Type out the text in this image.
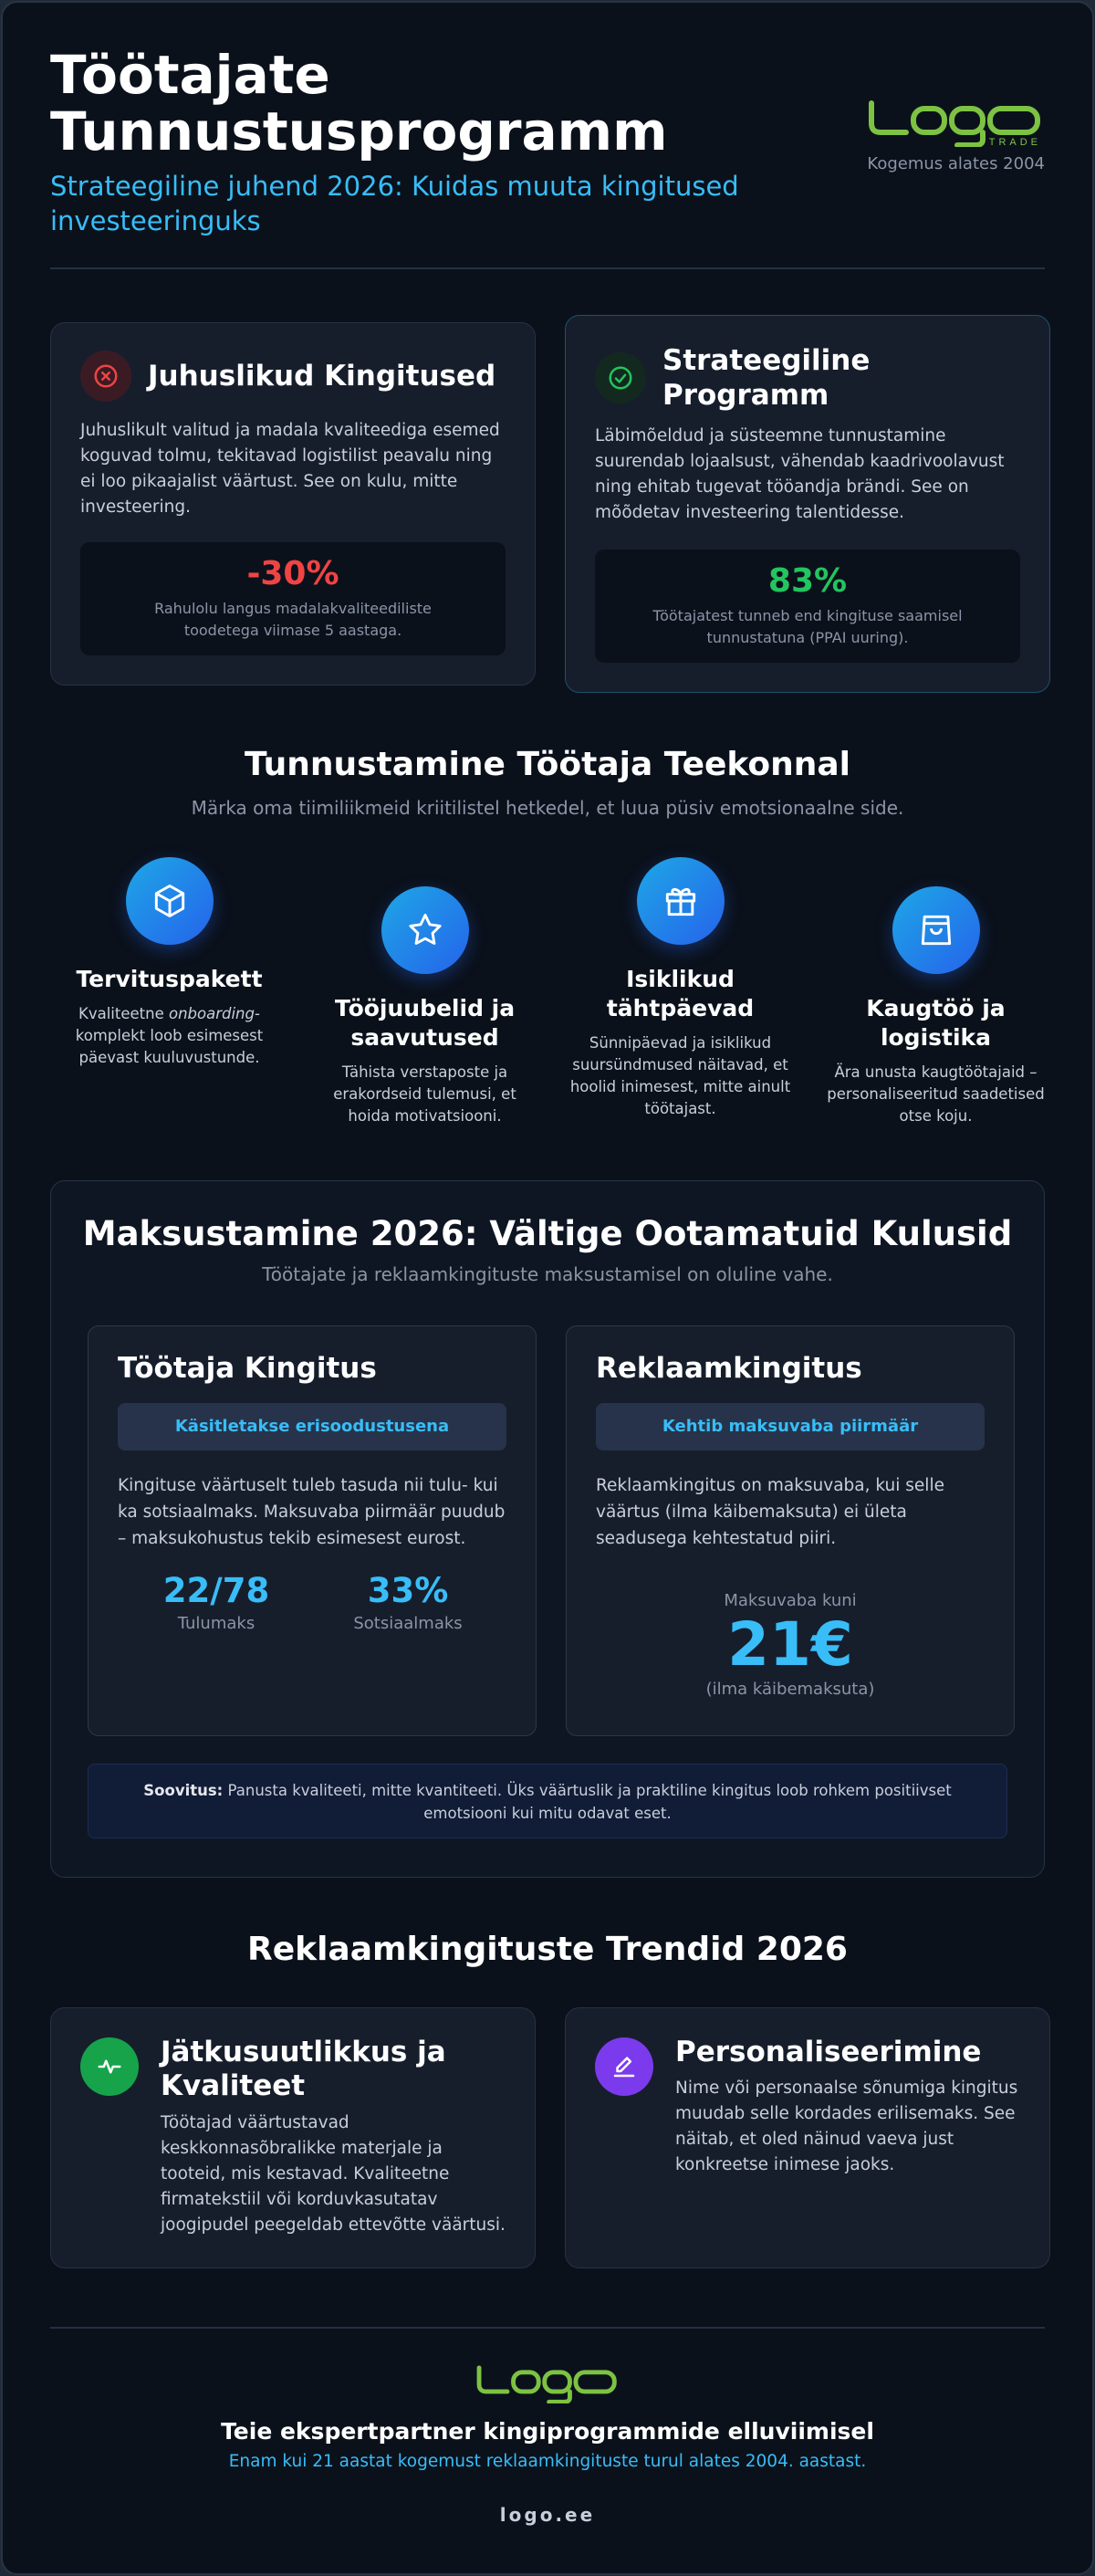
Töötajate Tunnustusprogramm
Strateegiline juhend 2026: Kuidas muuta kingitused investeeringuks
TRADE
Kogemus alates 2004
Juhuslikud Kingitused
Juhuslikult valitud ja madala kvaliteediga esemed koguvad tolmu, tekitavad logistilist peavalu ning ei loo pikaajalist väärtust. See on kulu, mitte investeering.
-30%
Rahulolu langus madalakvaliteediliste toodetega viimase 5 aastaga.
Strateegiline Programm
Läbimõeldud ja süsteemne tunnustamine suurendab lojaalsust, vähendab kaadrivoolavust ning ehitab tugevat tööandja brändi. See on mõõdetav investeering talentidesse.
83%
Töötajatest tunneb end kingituse saamisel tunnustatuna (PPAI uuring).
Tunnustamine Töötaja Teekonnal
Märka oma tiimiliikmeid kriitilistel hetkedel, et luua püsiv emotsionaalne side.
Tervituspakett
Kvaliteetne onboarding-komplekt loob esimesest päevast kuuluvustunde.
Tööjuubelid ja saavutused
Tähista verstaposte ja erakordseid tulemusi, et hoida motivatsiooni.
Isiklikud tähtpäevad
Sünnipäevad ja isiklikud suursündmused näitavad, et hoolid inimesest, mitte ainult töötajast.
Kaugtöö ja logistika
Ära unusta kaugtöötajaid – personaliseeritud saadetised otse koju.
Maksustamine 2026: Vältige Ootamatuid Kulusid
Töötajate ja reklaamkingituste maksustamisel on oluline vahe.
Töötaja Kingitus
Käsitletakse erisoodustusena
Kingituse väärtuselt tuleb tasuda nii tulu- kui ka sotsiaalmaks. Maksuvaba piirmäär puudub – maksukohustus tekib esimesest eurost.
22/78
Tulumaks
33%
Sotsiaalmaks
Reklaamkingitus
Kehtib maksuvaba piirmäär
Reklaamkingitus on maksuvaba, kui selle väärtus (ilma käibemaksuta) ei ületa seadusega kehtestatud piiri.
Maksuvaba kuni
21€
(ilma käibemaksuta)
Soovitus: Panusta kvaliteeti, mitte kvantiteeti. Üks väärtuslik ja praktiline kingitus loob rohkem positiivset emotsiooni kui mitu odavat eset.
Reklaamkingituste Trendid 2026
Jätkusuutlikkus ja Kvaliteet
Töötajad väärtustavad keskkonnasõbralikke materjale ja tooteid, mis kestavad. Kvaliteetne firmatekstiil või korduvkasutatav joogipudel peegeldab ettevõtte väärtusi.
Personaliseerimine
Nime või personaalse sõnumiga kingitus muudab selle kordades erilisemaks. See näitab, et oled näinud vaeva just konkreetse inimese jaoks.
Teie ekspertpartner kingiprogrammide elluviimisel
Enam kui 21 aastat kogemust reklaamkingituste turul alates 2004. aastast.
logo.ee
